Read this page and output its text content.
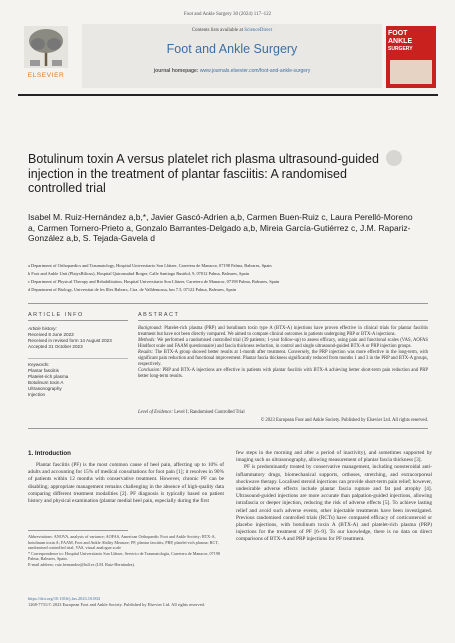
Foot and Ankle Surgery 30 (2024) 117–122
ELSEVIER
Contents lists available at ScienceDirect
Foot and Ankle Surgery
journal homepage: www.journals.elsevier.com/foot-and-ankle-surgery
FOOT
ANKLE
SURGERY
Botulinum toxin A versus platelet rich plasma ultrasound-guided injection in the treatment of plantar fasciitis: A randomised controlled trial
Isabel M. Ruiz-Hernández a,b,*, Javier Gascó-Adrien a,b, Carmen Buen-Ruiz c, Laura Perelló-Moreno a, Carmen Tornero-Prieto a, Gonzalo Barrantes-Delgado a,b, Mireia García-Gutiérrez c, J.M. Rapariz-González a,b, S. Tejada-Gavela d
a Department of Orthopaedics and Traumatology, Hospital Universitario Son Llàtzer, Carretera de Manacor, 07198 Palma, Baleares, Spain
b Foot and Ankle Unit (PlatysBilicus), Hospital Quironsalud Rotger, Calle Santiago Rusiñol, 9, 07012 Palma, Baleares, Spain
c Department of Physical Therapy and Rehabilitation, Hospital Universitario Son Llàtzer, Carretera de Manacor, 07198 Palma, Baleares, Spain
d Department of Biology, Universitat de les Illes Balears, Ctra. de Valldemossa, km 7.5, 07122 Palma, Baleares, Spain
ARTICLE INFO	ABSTRACT
Article history:
Received 8 June 2023
Received in revised form 14 August 2023
Accepted 31 October 2023
Keywords:
Plantar fasciitis
Platelet-rich plasma
Botulinum toxin A
Ultrasonography
Injection
Background: Platelet-rich plasma (PRP) and botulinum toxin type A (BTX-A) injections have proven effective in clinical trials for plantar fasciitis treatment but have not been directly compared. We aimed to compare clinical outcomes in patients undergoing PRP or BTX-A injections.
Methods: We performed a randomised controlled trial (39 patients; 1-year follow-up) to assess efficacy, using pain and functional scales (VAS, AOFAS Hindfoot scale and FAAM questionnaire) and fascia thickness reduction, in control and single ultrasound-guided BTX-A or PRP injection groups.
Results: The BTX-A group showed better results at 1-month after treatment. Conversely, the PRP injection was more effective in the long-term, with significant pain reduction and functional improvement. Plantar fascia thickness significantly reduced from months 1 and 3 in the PRP and BTX-A groups, respectively.
Conclusion: PRP and BTX-A injections are effective in patients with plantar fasciitis with BTX-A achieving better short-term pain reduction and PRP better long-term results.
Level of Evidence: Level I; Randomised Controlled Trial
© 2023 European Foot and Ankle Society. Published by Elsevier Ltd. All rights reserved.
1. Introduction

Plantar fasciitis (PF) is the most common cause of heel pain, affecting up to 10% of adults and accounting for 15% of medical consultations for foot pain [1]; it resolves in 90% of patients within 12 months with conservative treatment. However, chronic PF can be disabling; appropriate management remains challenging in the absence of high-quality data comparing different treatment modalities [2]. PF diagnosis is typically based on patient history and physical examination (plantar medial heel pain, especially during the first

few steps in the morning and after a period of inactivity), and sometimes supported by imaging such us ultrasonography, allowing measurement of plantar fascia thickness [3].

PF is predominantly treated by conservative management, including nonsteroidal anti-inflammatory drugs, biomechanical supports, orthoses, stretching, and extracorporeal shockwave therapy. Localised steroid injections can provide short-term pain relief; however, undesirable adverse effects include plantar fascia rupture and fat pad atrophy [4]. Ultrasound-guided injections are more accurate than palpation-guided injections, allowing intrafascia or deeper injection, reducing the risk of adverse effects [5]. To achieve lasting relief and avoid such adverse events, other injectable treatments have been investigated. Previous randomised controlled trials (RCTs) have compared efficacy of corticosteroid or placebo injections, with botulinum toxin A (BTX-A) and platelet-rich plasma (PRP) injections for the treatment of PF [6–9]. To our knowledge, there is no data on direct comparisons of BTX-A and PRP injections for PF treatment.

Abbreviations: ANOVA, analysis of variance; AOFAS, American Orthopaedic Foot and Ankle Society; BTX-A, botulinum toxin A; FAAM, Foot and Ankle Ability Measure; PF, plantar fasciitis; PRP, platelet-rich plasma; RCT, randomised controlled trial; VAS, visual analogue scale
* Correspondence to: Hospital Universitario Son Llàtzer, Servicio de Traumatología, Carretera de Manacor, 07198 Palma, Baleares, Spain.
E-mail address: ruiz.hernandez@hsll.es (I.M. Ruiz-Hernández).
https://doi.org/10.1016/j.fas.2023.10.004
1268-7731/© 2023 European Foot and Ankle Society. Published by Elsevier Ltd. All rights reserved.
